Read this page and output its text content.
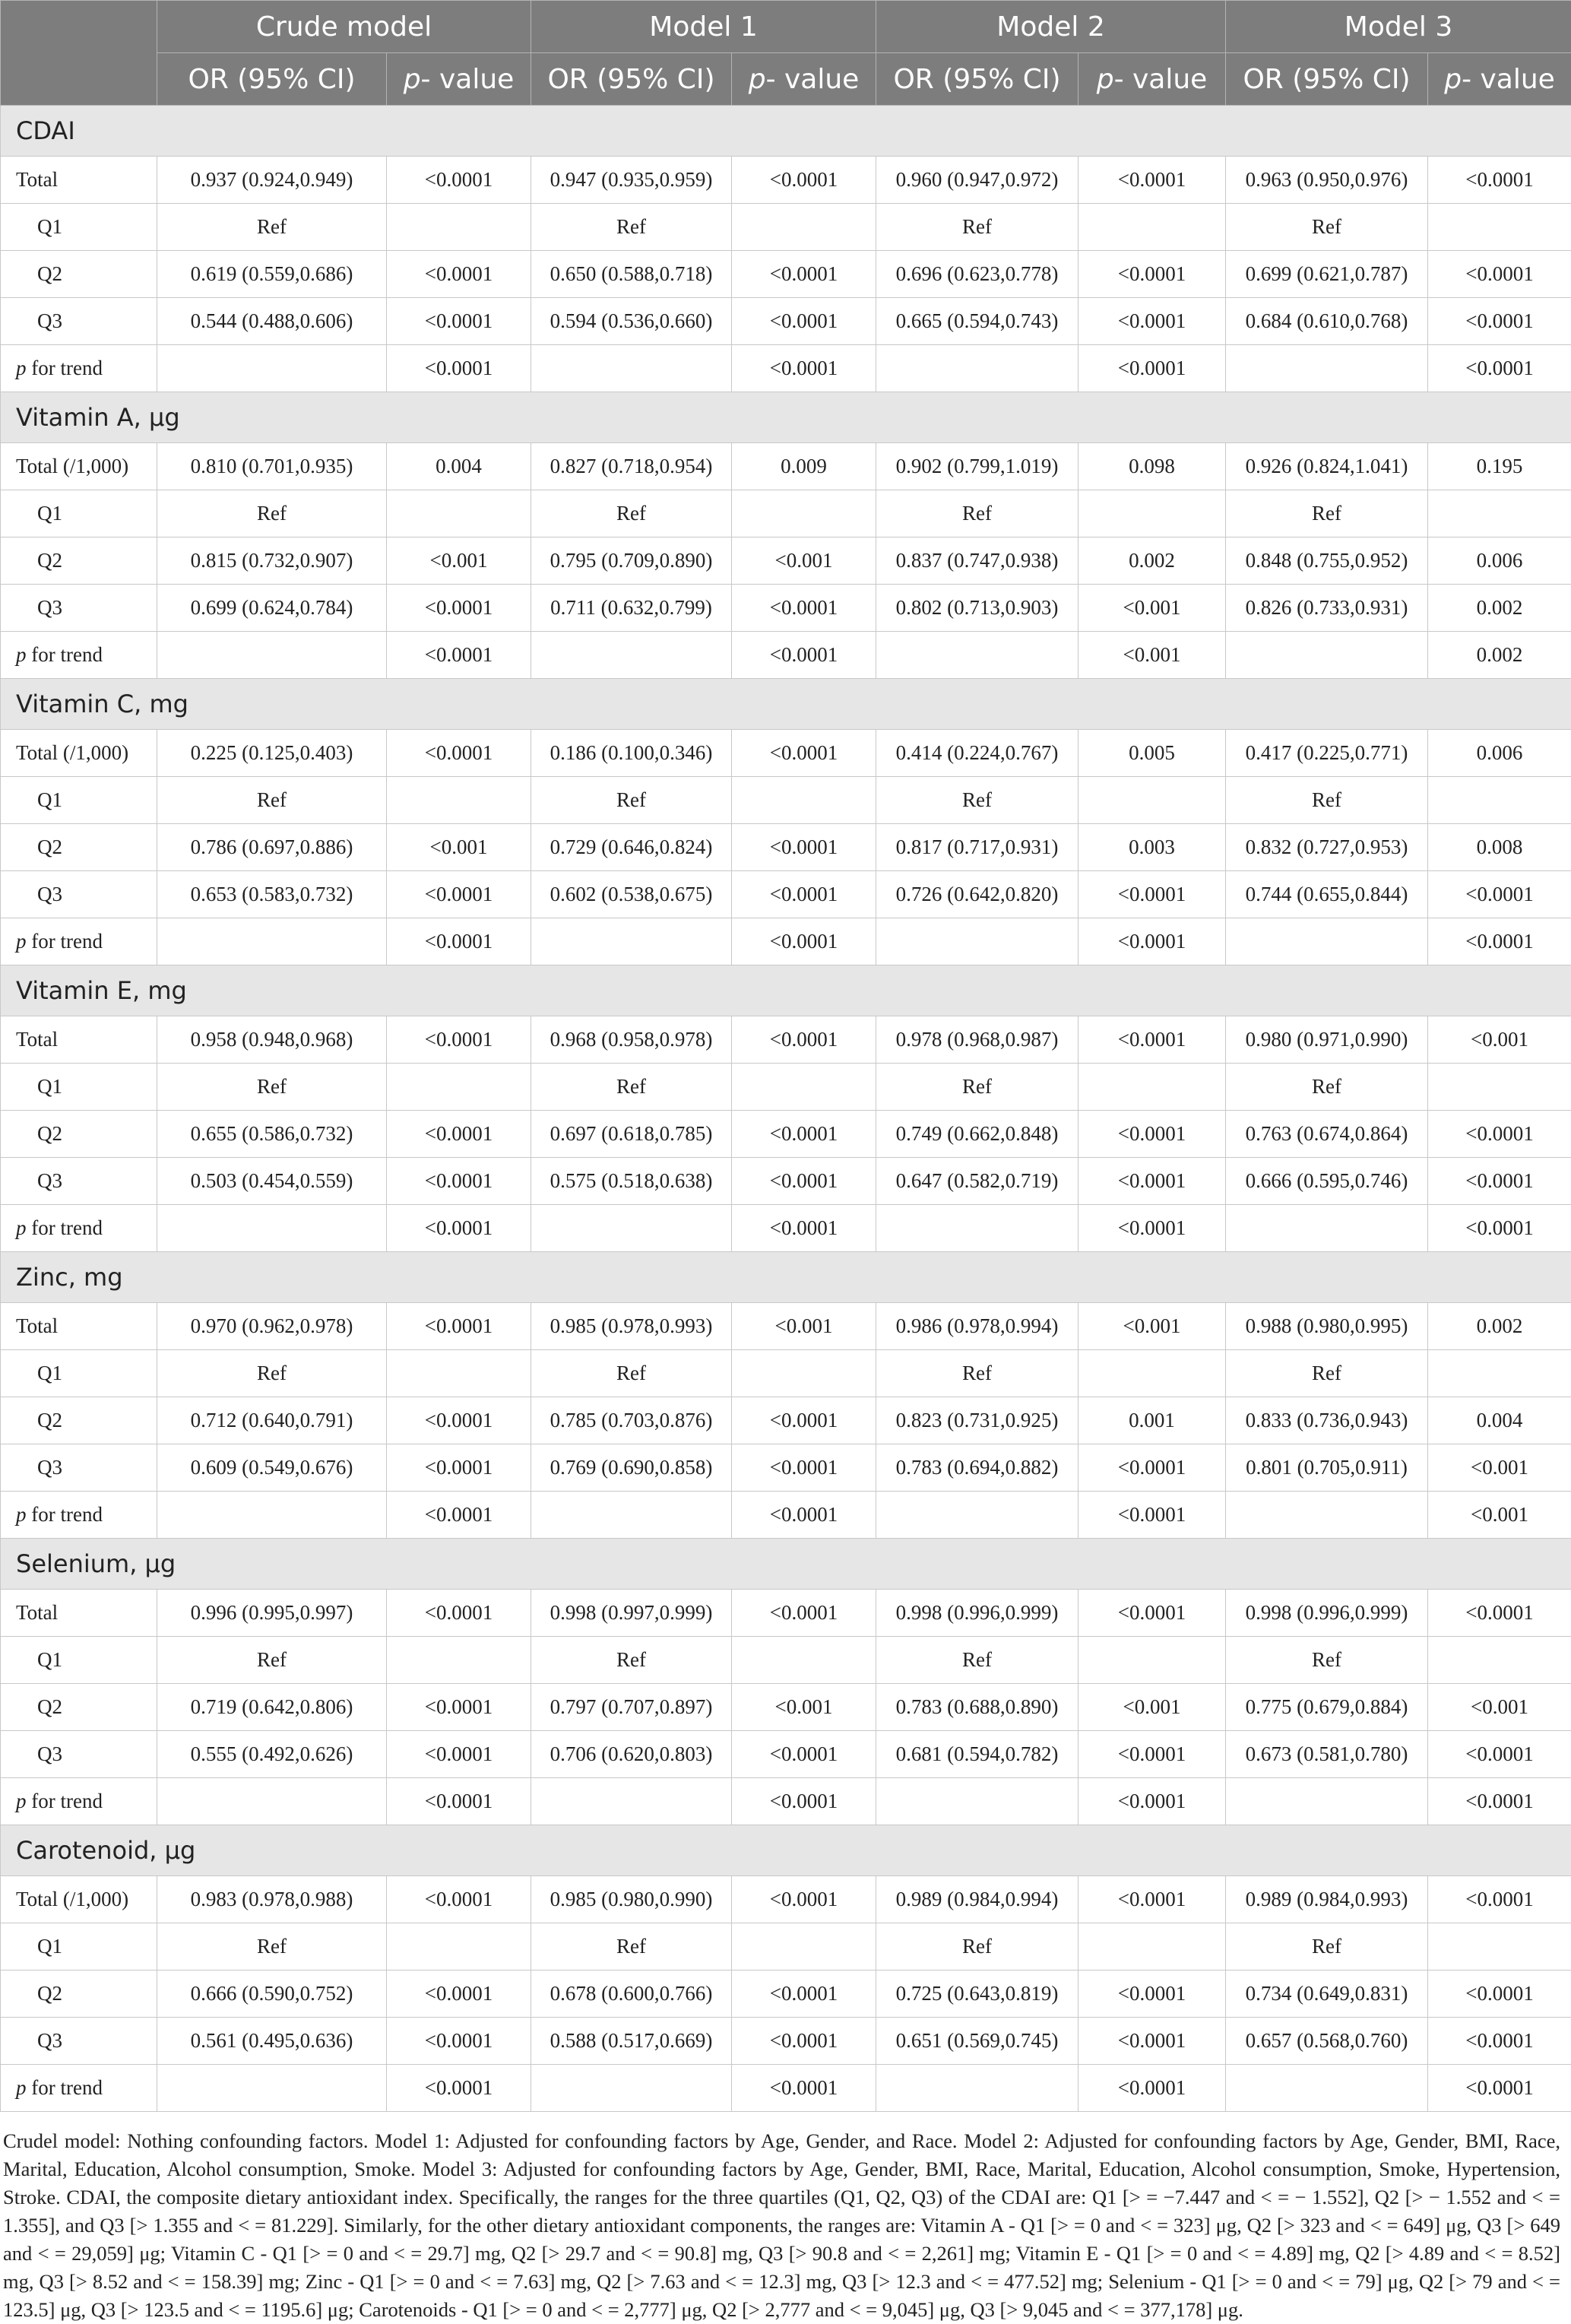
	Crude model		Model 1		Model 2		Model 3	
	OR (95% CI)	p- value	OR (95% CI)	p- value	OR (95% CI)	p- value	OR (95% CI)	p- value
CDAI								
Total	0.937 (0.924,0.949)	<0.0001	0.947 (0.935,0.959)	<0.0001	0.960 (0.947,0.972)	<0.0001	0.963 (0.950,0.976)	<0.0001
Q1	Ref		Ref		Ref		Ref	
Q2	0.619 (0.559,0.686)	<0.0001	0.650 (0.588,0.718)	<0.0001	0.696 (0.623,0.778)	<0.0001	0.699 (0.621,0.787)	<0.0001
Q3	0.544 (0.488,0.606)	<0.0001	0.594 (0.536,0.660)	<0.0001	0.665 (0.594,0.743)	<0.0001	0.684 (0.610,0.768)	<0.0001
p for trend		<0.0001		<0.0001		<0.0001		<0.0001
Vitamin A, μg								
Total (/1,000)	0.810 (0.701,0.935)	0.004	0.827 (0.718,0.954)	0.009	0.902 (0.799,1.019)	0.098	0.926 (0.824,1.041)	0.195
Q1	Ref		Ref		Ref		Ref	
Q2	0.815 (0.732,0.907)	<0.001	0.795 (0.709,0.890)	<0.001	0.837 (0.747,0.938)	0.002	0.848 (0.755,0.952)	0.006
Q3	0.699 (0.624,0.784)	<0.0001	0.711 (0.632,0.799)	<0.0001	0.802 (0.713,0.903)	<0.001	0.826 (0.733,0.931)	0.002
p for trend		<0.0001		<0.0001		<0.001		0.002
Vitamin C, mg								
Total (/1,000)	0.225 (0.125,0.403)	<0.0001	0.186 (0.100,0.346)	<0.0001	0.414 (0.224,0.767)	0.005	0.417 (0.225,0.771)	0.006
Q1	Ref		Ref		Ref		Ref	
Q2	0.786 (0.697,0.886)	<0.001	0.729 (0.646,0.824)	<0.0001	0.817 (0.717,0.931)	0.003	0.832 (0.727,0.953)	0.008
Q3	0.653 (0.583,0.732)	<0.0001	0.602 (0.538,0.675)	<0.0001	0.726 (0.642,0.820)	<0.0001	0.744 (0.655,0.844)	<0.0001
p for trend		<0.0001		<0.0001		<0.0001		<0.0001
Vitamin E, mg								
Total	0.958 (0.948,0.968)	<0.0001	0.968 (0.958,0.978)	<0.0001	0.978 (0.968,0.987)	<0.0001	0.980 (0.971,0.990)	<0.001
Q1	Ref		Ref		Ref		Ref	
Q2	0.655 (0.586,0.732)	<0.0001	0.697 (0.618,0.785)	<0.0001	0.749 (0.662,0.848)	<0.0001	0.763 (0.674,0.864)	<0.0001
Q3	0.503 (0.454,0.559)	<0.0001	0.575 (0.518,0.638)	<0.0001	0.647 (0.582,0.719)	<0.0001	0.666 (0.595,0.746)	<0.0001
p for trend		<0.0001		<0.0001		<0.0001		<0.0001
Zinc, mg								
Total	0.970 (0.962,0.978)	<0.0001	0.985 (0.978,0.993)	<0.001	0.986 (0.978,0.994)	<0.001	0.988 (0.980,0.995)	0.002
Q1	Ref		Ref		Ref		Ref	
Q2	0.712 (0.640,0.791)	<0.0001	0.785 (0.703,0.876)	<0.0001	0.823 (0.731,0.925)	0.001	0.833 (0.736,0.943)	0.004
Q3	0.609 (0.549,0.676)	<0.0001	0.769 (0.690,0.858)	<0.0001	0.783 (0.694,0.882)	<0.0001	0.801 (0.705,0.911)	<0.001
p for trend		<0.0001		<0.0001		<0.0001		<0.001
Selenium, μg								
Total	0.996 (0.995,0.997)	<0.0001	0.998 (0.997,0.999)	<0.0001	0.998 (0.996,0.999)	<0.0001	0.998 (0.996,0.999)	<0.0001
Q1	Ref		Ref		Ref		Ref	
Q2	0.719 (0.642,0.806)	<0.0001	0.797 (0.707,0.897)	<0.001	0.783 (0.688,0.890)	<0.001	0.775 (0.679,0.884)	<0.001
Q3	0.555 (0.492,0.626)	<0.0001	0.706 (0.620,0.803)	<0.0001	0.681 (0.594,0.782)	<0.0001	0.673 (0.581,0.780)	<0.0001
p for trend		<0.0001		<0.0001		<0.0001		<0.0001
Carotenoid, μg								
Total (/1,000)	0.983 (0.978,0.988)	<0.0001	0.985 (0.980,0.990)	<0.0001	0.989 (0.984,0.994)	<0.0001	0.989 (0.984,0.993)	<0.0001
Q1	Ref		Ref		Ref		Ref	
Q2	0.666 (0.590,0.752)	<0.0001	0.678 (0.600,0.766)	<0.0001	0.725 (0.643,0.819)	<0.0001	0.734 (0.649,0.831)	<0.0001
Q3	0.561 (0.495,0.636)	<0.0001	0.588 (0.517,0.669)	<0.0001	0.651 (0.569,0.745)	<0.0001	0.657 (0.568,0.760)	<0.0001
p for trend		<0.0001		<0.0001		<0.0001		<0.0001
Crudel model: Nothing confounding factors. Model 1: Adjusted for confounding factors by Age, Gender, and Race. Model 2: Adjusted for confounding factors by Age, Gender, BMI, Race, Marital, Education, Alcohol consumption, Smoke. Model 3: Adjusted for confounding factors by Age, Gender, BMI, Race, Marital, Education, Alcohol consumption, Smoke, Hypertension, Stroke. CDAI, the composite dietary antioxidant index. Specifically, the ranges for the three quartiles (Q1, Q2, Q3) of the CDAI are: Q1 [> = −7.447 and < = − 1.552], Q2 [> − 1.552 and < = 1.355], and Q3 [> 1.355 and < = 81.229]. Similarly, for the other dietary antioxidant components, the ranges are: Vitamin A - Q1 [> = 0 and < = 323] μg, Q2 [> 323 and < = 649] μg, Q3 [> 649 and < = 29,059] μg; Vitamin C - Q1 [> = 0 and < = 29.7] mg, Q2 [> 29.7 and < = 90.8] mg, Q3 [> 90.8 and < = 2,261] mg; Vitamin E - Q1 [> = 0 and < = 4.89] mg, Q2 [> 4.89 and < = 8.52] mg, Q3 [> 8.52 and < = 158.39] mg; Zinc - Q1 [> = 0 and < = 7.63] mg, Q2 [> 7.63 and < = 12.3] mg, Q3 [> 12.3 and < = 477.52] mg; Selenium - Q1 [> = 0 and < = 79] μg, Q2 [> 79 and < = 123.5] μg, Q3 [> 123.5 and < = 1195.6] μg; Carotenoids - Q1 [> = 0 and < = 2,777] μg, Q2 [> 2,777 and < = 9,045] μg, Q3 [> 9,045 and < = 377,178] μg.
